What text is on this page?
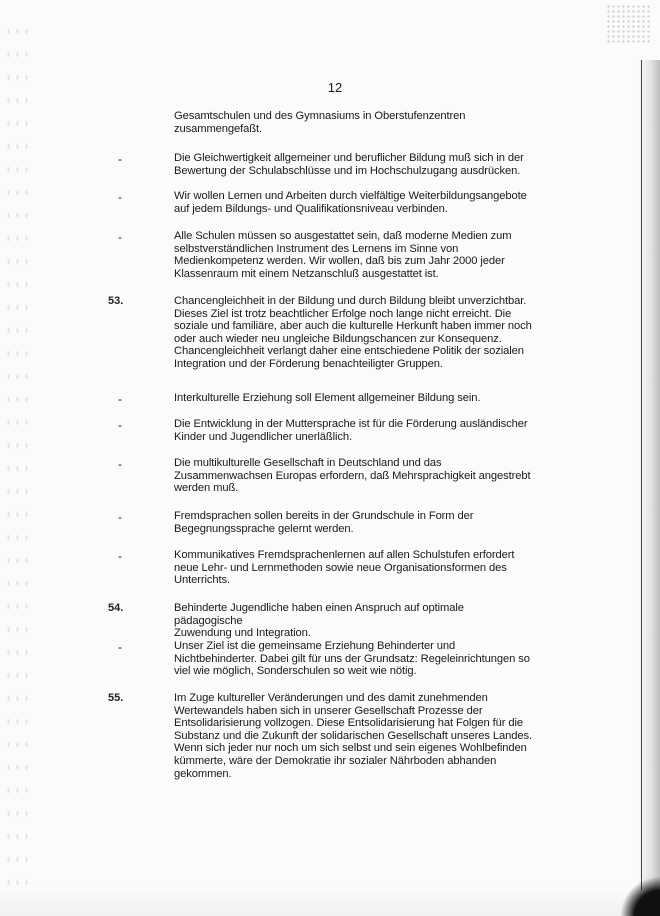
12
Gesamtschulen und des Gymnasiums in Oberstufenzentren
zusammengefaßt.
-	Die Gleichwertigkeit allgemeiner und beruflicher Bildung muß sich in der
Bewertung der Schulabschlüsse und im Hochschulzugang ausdrücken.
-	Wir wollen Lernen und Arbeiten durch vielfältige Weiterbildungsangebote
auf jedem Bildungs- und Qualifikationsniveau verbinden.
-	Alle Schulen müssen so ausgestattet sein, daß moderne Medien zum
selbstverständlichen Instrument des Lernens im Sinne von
Medienkompetenz werden. Wir wollen, daß bis zum Jahr 2000 jeder
Klassenraum mit einem Netzanschluß ausgestattet ist.
53.	Chancengleichheit in der Bildung und durch Bildung bleibt unverzichtbar.
Dieses Ziel ist trotz beachtlicher Erfolge noch lange nicht erreicht. Die
soziale und familiäre, aber auch die kulturelle Herkunft haben immer noch
oder auch wieder neu ungleiche Bildungschancen zur Konsequenz.
Chancengleichheit verlangt daher eine entschiedene Politik der sozialen
Integration und der Förderung benachteiligter Gruppen.
-	Interkulturelle Erziehung soll Element allgemeiner Bildung sein.
-	Die Entwicklung in der Muttersprache ist für die Förderung ausländischer
Kinder und Jugendlicher unerläßlich.
-	Die multikulturelle Gesellschaft in Deutschland und das
Zusammenwachsen Europas erfordern, daß Mehrsprachigkeit angestrebt
werden muß.
-	Fremdsprachen sollen bereits in der Grundschule in Form der
Begegnungssprache gelernt werden.
-	Kommunikatives Fremdsprachenlernen auf allen Schulstufen erfordert
neue Lehr- und Lernmethoden sowie neue Organisationsformen des
Unterrichts.
54.	Behinderte Jugendliche haben einen Anspruch auf optimale pädagogische
Zuwendung und Integration.
-	Unser Ziel ist die gemeinsame Erziehung Behinderter und
Nichtbehinderter. Dabei gilt für uns der Grundsatz: Regeleinrichtungen so
viel wie möglich, Sonderschulen so weit wie nötig.
55.	Im Zuge kultureller Veränderungen und des damit zunehmenden
Wertewandels haben sich in unserer Gesellschaft Prozesse der
Entsolidarisierung vollzogen. Diese Entsolidarisierung hat Folgen für die
Substanz und die Zukunft der solidarischen Gesellschaft unseres Landes.
Wenn sich jeder nur noch um sich selbst und sein eigenes Wohlbefinden
kümmerte, wäre der Demokratie ihr sozialer Nährboden abhanden
gekommen.
